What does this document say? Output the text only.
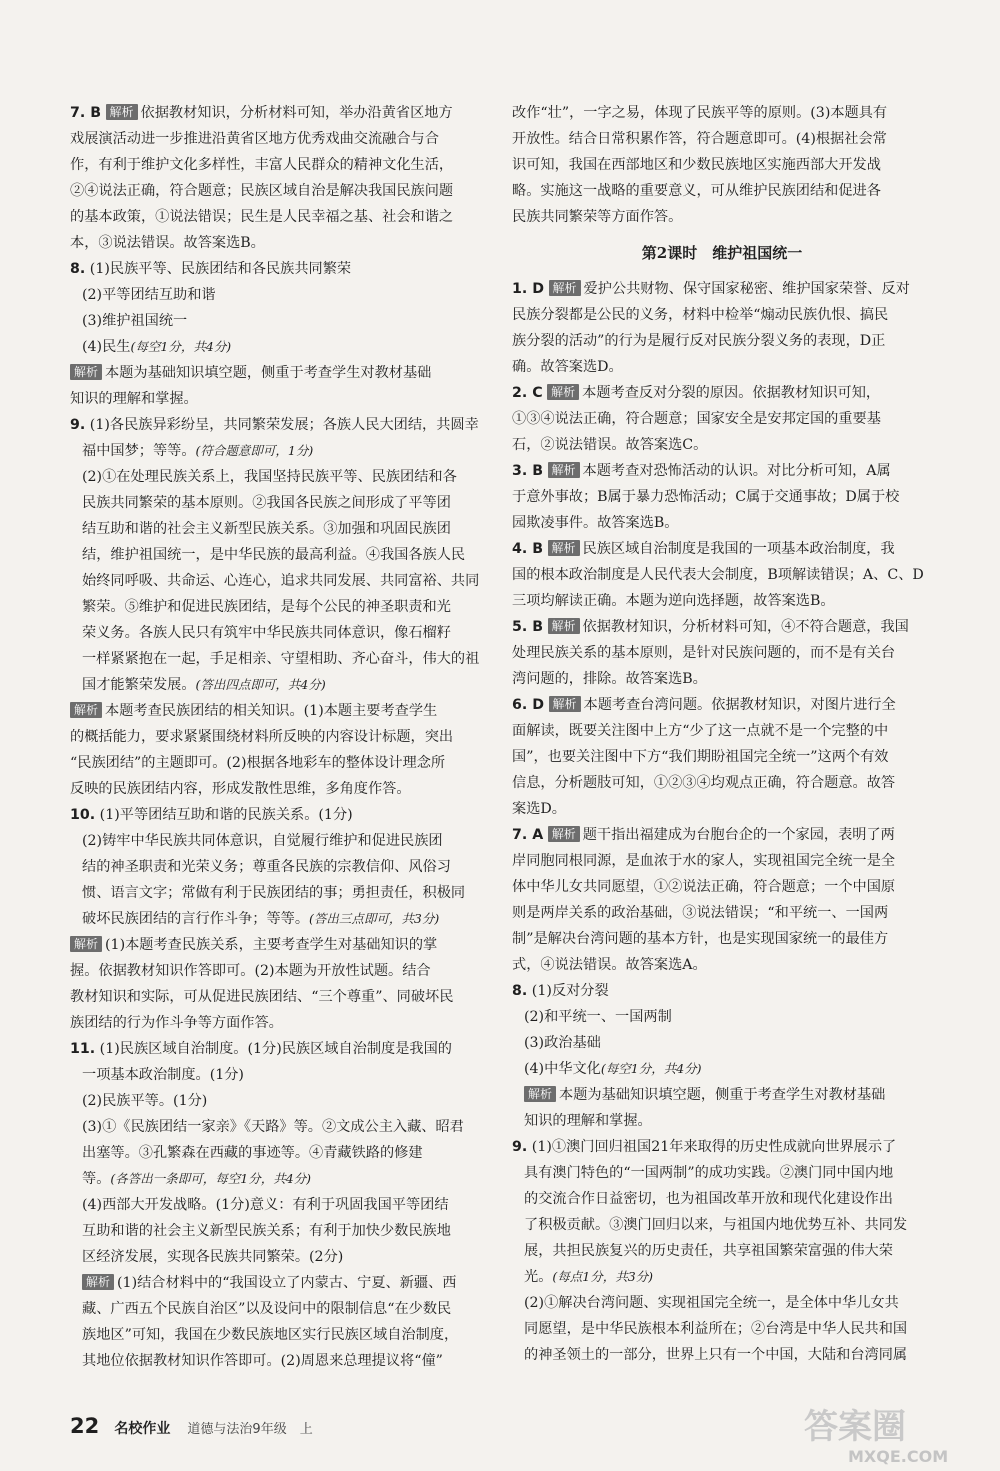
7. B 解析 依据教材知识，分析材料可知，举办沿黄省区地方

戏展演活动进一步推进沿黄省区地方优秀戏曲交流融合与合

作，有利于维护文化多样性，丰富人民群众的精神文化生活，

②④说法正确，符合题意；民族区域自治是解决我国民族问题

的基本政策，①说法错误；民生是人民幸福之基、社会和谐之

本，③说法错误。故答案选B。

8. (1)民族平等、民族团结和各民族共同繁荣

(2)平等团结互助和谐

(3)维护祖国统一

(4)民生(每空1分，共4分)

解析 本题为基础知识填空题，侧重于考查学生对教材基础

知识的理解和掌握。

9. (1)各民族异彩纷呈，共同繁荣发展；各族人民大团结，共圆幸

福中国梦；等等。(符合题意即可，1分)

(2)①在处理民族关系上，我国坚持民族平等、民族团结和各

民族共同繁荣的基本原则。②我国各民族之间形成了平等团

结互助和谐的社会主义新型民族关系。③加强和巩固民族团

结，维护祖国统一，是中华民族的最高利益。④我国各族人民

始终同呼吸、共命运、心连心，追求共同发展、共同富裕、共同

繁荣。⑤维护和促进民族团结，是每个公民的神圣职责和光

荣义务。各族人民只有筑牢中华民族共同体意识，像石榴籽

一样紧紧抱在一起，手足相亲、守望相助、齐心奋斗，伟大的祖

国才能繁荣发展。(答出四点即可，共4分)

解析 本题考查民族团结的相关知识。(1)本题主要考查学生

的概括能力，要求紧紧围绕材料所反映的内容设计标题，突出

“民族团结”的主题即可。(2)根据各地彩车的整体设计理念所

反映的民族团结内容，形成发散性思维，多角度作答。

10. (1)平等团结互助和谐的民族关系。(1分)

(2)铸牢中华民族共同体意识，自觉履行维护和促进民族团

结的神圣职责和光荣义务；尊重各民族的宗教信仰、风俗习

惯、语言文字；常做有利于民族团结的事；勇担责任，积极同

破坏民族团结的言行作斗争；等等。(答出三点即可，共3分)

解析 (1)本题考查民族关系，主要考查学生对基础知识的掌

握。依据教材知识作答即可。(2)本题为开放性试题。结合

教材知识和实际，可从促进民族团结、“三个尊重”、同破坏民

族团结的行为作斗争等方面作答。

11. (1)民族区域自治制度。(1分)民族区域自治制度是我国的

一项基本政治制度。(1分)

(2)民族平等。(1分)

(3)①《民族团结一家亲》《天路》等。②文成公主入藏、昭君

出塞等。③孔繁森在西藏的事迹等。④青藏铁路的修建

等。(各答出一条即可，每空1分，共4分)

(4)西部大开发战略。(1分)意义：有利于巩固我国平等团结

互助和谐的社会主义新型民族关系；有利于加快少数民族地

区经济发展，实现各民族共同繁荣。(2分)

解析 (1)结合材料中的“我国设立了内蒙古、宁夏、新疆、西

藏、广西五个民族自治区”以及设问中的限制信息“在少数民

族地区”可知，我国在少数民族地区实行民族区域自治制度，

其地位依据教材知识作答即可。(2)周恩来总理提议将“僮”

改作“壮”，一字之易，体现了民族平等的原则。(3)本题具有

开放性。结合日常积累作答，符合题意即可。(4)根据社会常

识可知，我国在西部地区和少数民族地区实施西部大开发战

略。实施这一战略的重要意义，可从维护民族团结和促进各

民族共同繁荣等方面作答。

第2课时　维护祖国统一

1. D 解析 爱护公共财物、保守国家秘密、维护国家荣誉、反对

民族分裂都是公民的义务，材料中检举“煽动民族仇恨、搞民

族分裂的活动”的行为是履行反对民族分裂义务的表现，D正

确。故答案选D。

2. C 解析 本题考查反对分裂的原因。依据教材知识可知，

①③④说法正确，符合题意；国家安全是安邦定国的重要基

石，②说法错误。故答案选C。

3. B 解析 本题考查对恐怖活动的认识。对比分析可知，A属

于意外事故；B属于暴力恐怖活动；C属于交通事故；D属于校

园欺凌事件。故答案选B。

4. B 解析 民族区域自治制度是我国的一项基本政治制度，我

国的根本政治制度是人民代表大会制度，B项解读错误；A、C、D

三项均解读正确。本题为逆向选择题，故答案选B。

5. B 解析 依据教材知识，分析材料可知，④不符合题意，我国

处理民族关系的基本原则，是针对民族问题的，而不是有关台

湾问题的，排除。故答案选B。

6. D 解析 本题考查台湾问题。依据教材知识，对图片进行全

面解读，既要关注图中上方“少了这一点就不是一个完整的中

国”，也要关注图中下方“我们期盼祖国完全统一”这两个有效

信息，分析题肢可知，①②③④均观点正确，符合题意。故答

案选D。

7. A 解析 题干指出福建成为台胞台企的一个家园，表明了两

岸同胞同根同源，是血浓于水的家人，实现祖国完全统一是全

体中华儿女共同愿望，①②说法正确，符合题意；一个中国原

则是两岸关系的政治基础，③说法错误；“和平统一、一国两

制”是解决台湾问题的基本方针，也是实现国家统一的最佳方

式，④说法错误。故答案选A。

8. (1)反对分裂

(2)和平统一、一国两制

(3)政治基础

(4)中华文化(每空1分，共4分)

解析 本题为基础知识填空题，侧重于考查学生对教材基础

知识的理解和掌握。

9. (1)①澳门回归祖国21年来取得的历史性成就向世界展示了

具有澳门特色的“一国两制”的成功实践。②澳门同中国内地

的交流合作日益密切，也为祖国改革开放和现代化建设作出

了积极贡献。③澳门回归以来，与祖国内地优势互补、共同发

展，共担民族复兴的历史责任，共享祖国繁荣富强的伟大荣

光。(每点1分，共3分)

(2)①解决台湾问题、实现祖国完全统一，是全体中华儿女共

同愿望，是中华民族根本利益所在；②台湾是中华人民共和国

的神圣领土的一部分，世界上只有一个中国，大陆和台湾同属

22 名校作业 道德与法治9年级　上	答案圈
MXQE.COM
